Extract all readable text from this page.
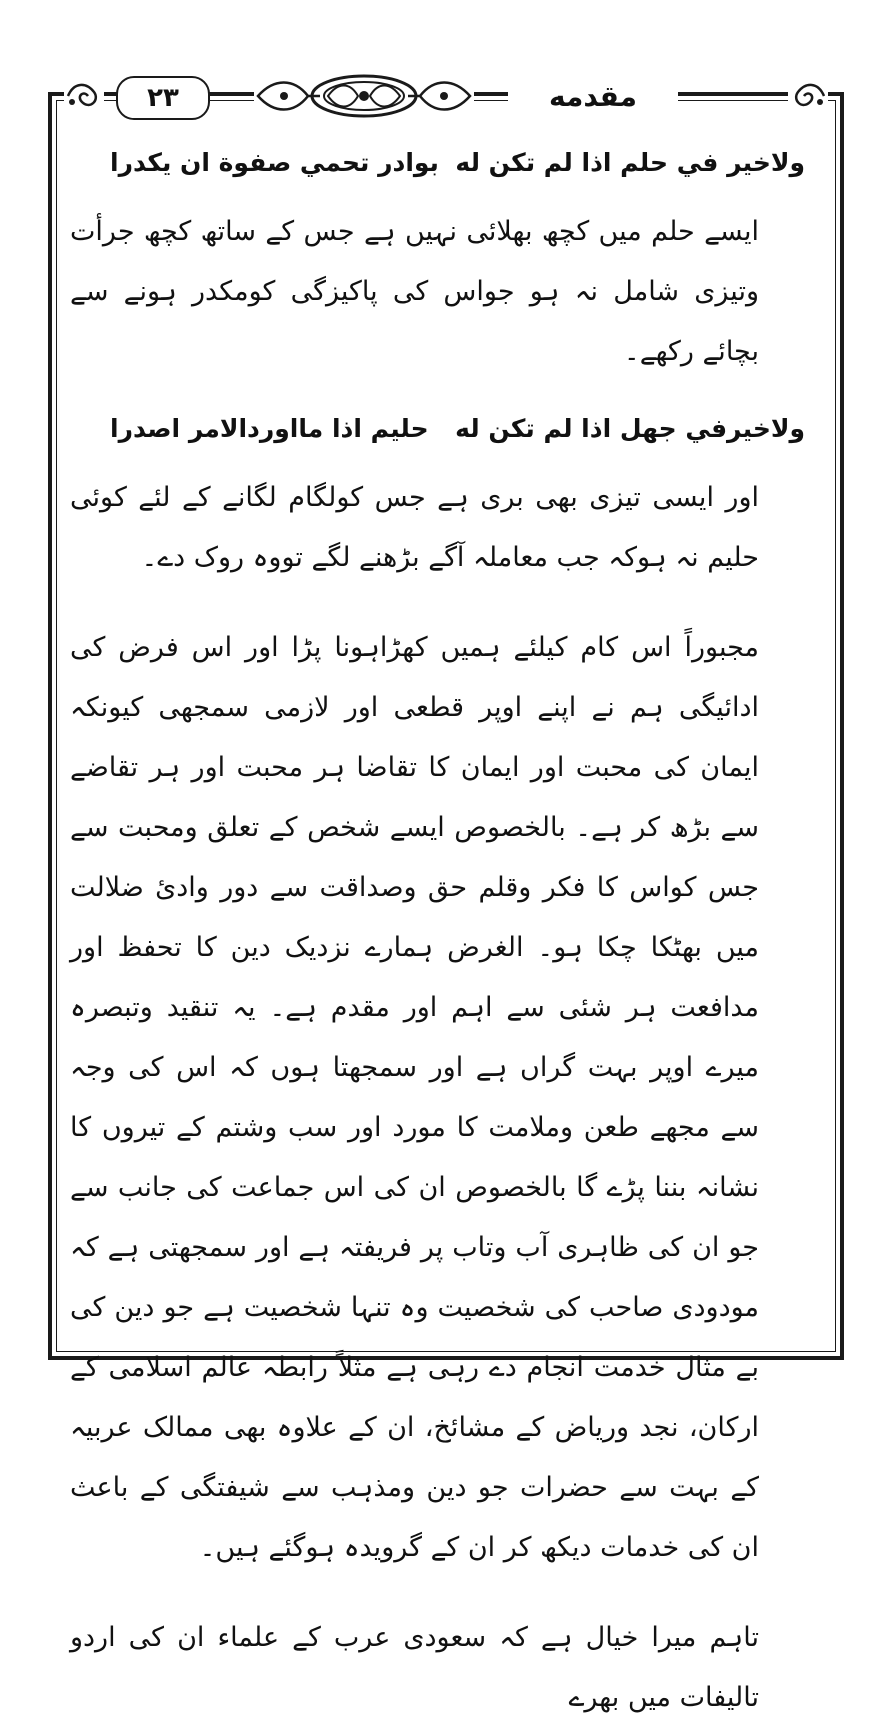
۲۳	مقدمه
ولاخير في حلم اذا لم تكن له
بوادر تحمي صفوة ان يكدرا

ایسے حلم میں کچھ بھلائی نہیں ہے جس کے ساتھ کچھ جرأت وتیزی شامل نہ ہو جواس کی پاکیزگی کومکدر ہونے سے بچائے رکھے۔

ولاخيرفي جهل اذا لم تكن له
حليم اذا مااوردالامر اصدرا

اور ایسی تیزی بھی بری ہے جس کولگام لگانے کے لئے کوئی حلیم نہ ہوکہ جب معاملہ آگے بڑھنے لگے تووہ روک دے۔

مجبوراً اس کام کیلئے ہمیں کھڑاہونا پڑا اور اس فرض کی ادائیگی ہم نے اپنے اوپر قطعی اور لازمی سمجھی کیونکہ ایمان کی محبت اور ایمان کا تقاضا ہر محبت اور ہر تقاضے سے بڑھ کر ہے۔ بالخصوص ایسے شخص کے تعلق ومحبت سے جس کواس کا فکر وقلم حق وصداقت سے دور وادئ ضلالت میں بھٹکا چکا ہو۔ الغرض ہمارے نزدیک دین کا تحفظ اور مدافعت ہر شئی سے اہم اور مقدم ہے۔ یہ تنقید وتبصرہ میرے اوپر بہت گراں ہے اور سمجھتا ہوں کہ اس کی وجہ سے مجھے طعن وملامت کا مورد اور سب وشتم کے تیروں کا نشانہ بننا پڑے گا بالخصوص ان کی اس جماعت کی جانب سے جو ان کی ظاہری آب وتاب پر فریفتہ ہے اور سمجھتی ہے کہ مودودی صاحب کی شخصیت وہ تنہا شخصیت ہے جو دین کی بے مثال خدمت انجام دے رہی ہے مثلاً رابطہ عالم اسلامی کے ارکان، نجد وریاض کے مشائخ، ان کے علاوہ بھی ممالک عربیہ کے بہت سے حضرات جو دین ومذہب سے شیفتگی کے باعث ان کی خدمات دیکھ کر ان کے گرویدہ ہوگئے ہیں۔

تاہم میرا خیال ہے کہ سعودی عرب کے علماء ان کی اردو تالیفات میں بھرے
